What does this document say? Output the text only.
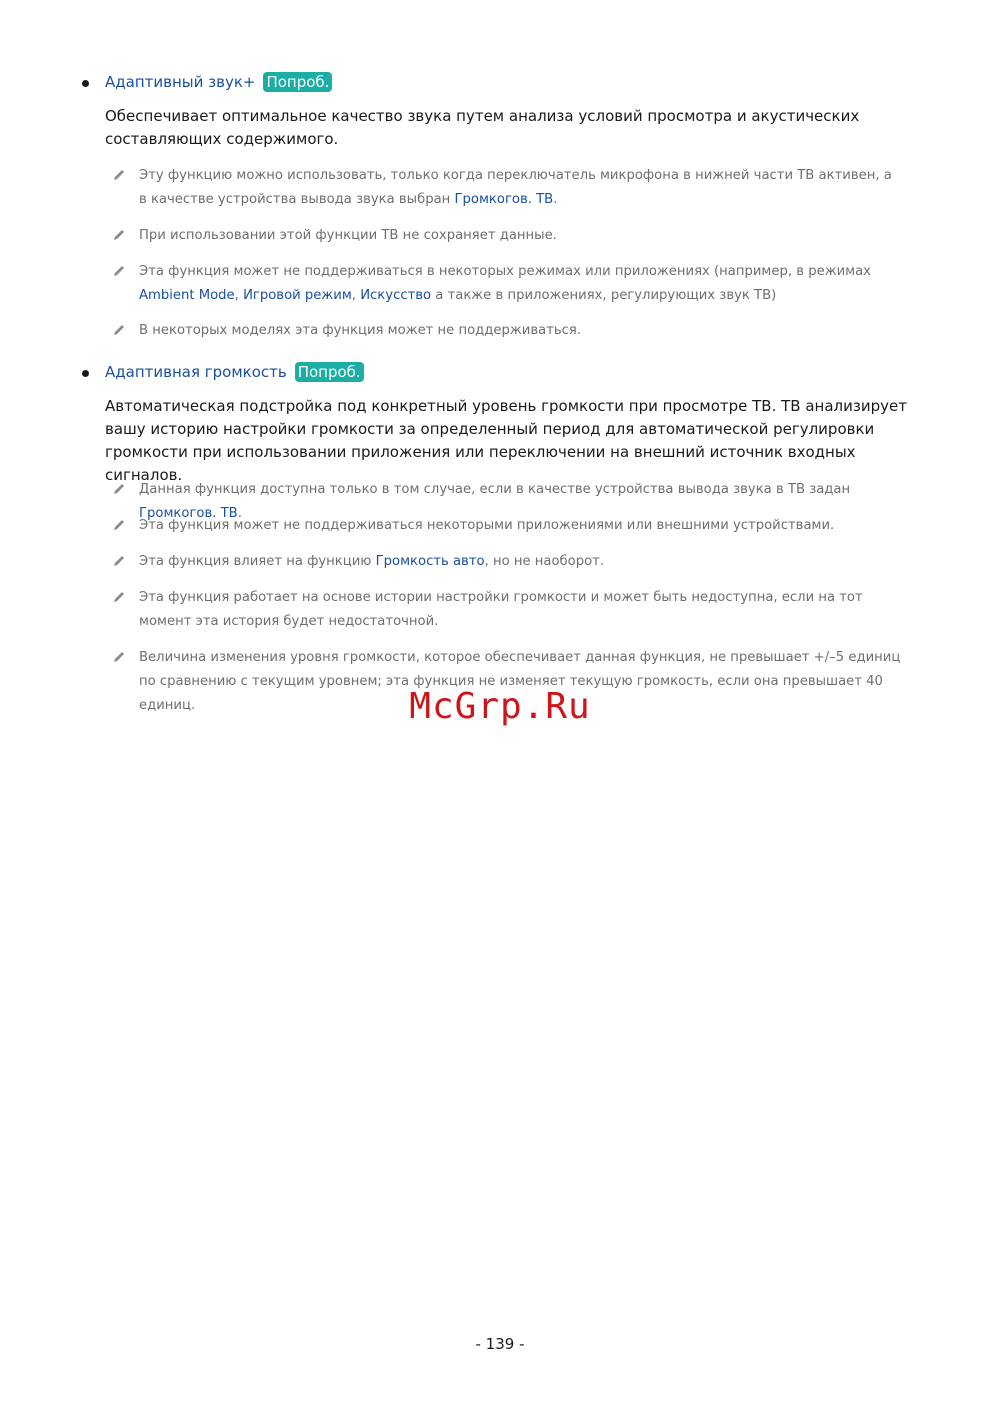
Адаптивный звук+ Попроб.
Обеспечивает оптимальное качество звука путем анализа условий просмотра и акустических составляющих содержимого.
Эту функцию можно использовать, только когда переключатель микрофона в нижней части ТВ активен, а в качестве устройства вывода звука выбран Громкогов. ТВ.
При использовании этой функции ТВ не сохраняет данные.
Эта функция может не поддерживаться в некоторых режимах или приложениях (например, в режимах Ambient Mode, Игровой режим, Искусство а также в приложениях, регулирующих звук ТВ)
В некоторых моделях эта функция может не поддерживаться.
Адаптивная громкость Попроб.
Автоматическая подстройка под конкретный уровень громкости при просмотре ТВ. ТВ анализирует вашу историю настройки громкости за определенный период для автоматической регулировки громкости при использовании приложения или переключении на внешний источник входных сигналов.
Данная функция доступна только в том случае, если в качестве устройства вывода звука в ТВ задан Громкогов. ТВ.
Эта функция может не поддерживаться некоторыми приложениями или внешними устройствами.
Эта функция влияет на функцию Громкость авто, но не наоборот.
Эта функция работает на основе истории настройки громкости и может быть недоступна, если на тот момент эта история будет недостаточной.
Величина изменения уровня громкости, которое обеспечивает данная функция, не превышает +/–5 единиц по сравнению с текущим уровнем; эта функция не изменяет текущую громкость, если она превышает 40 единиц.	McGrp.Ru
- 139 -
